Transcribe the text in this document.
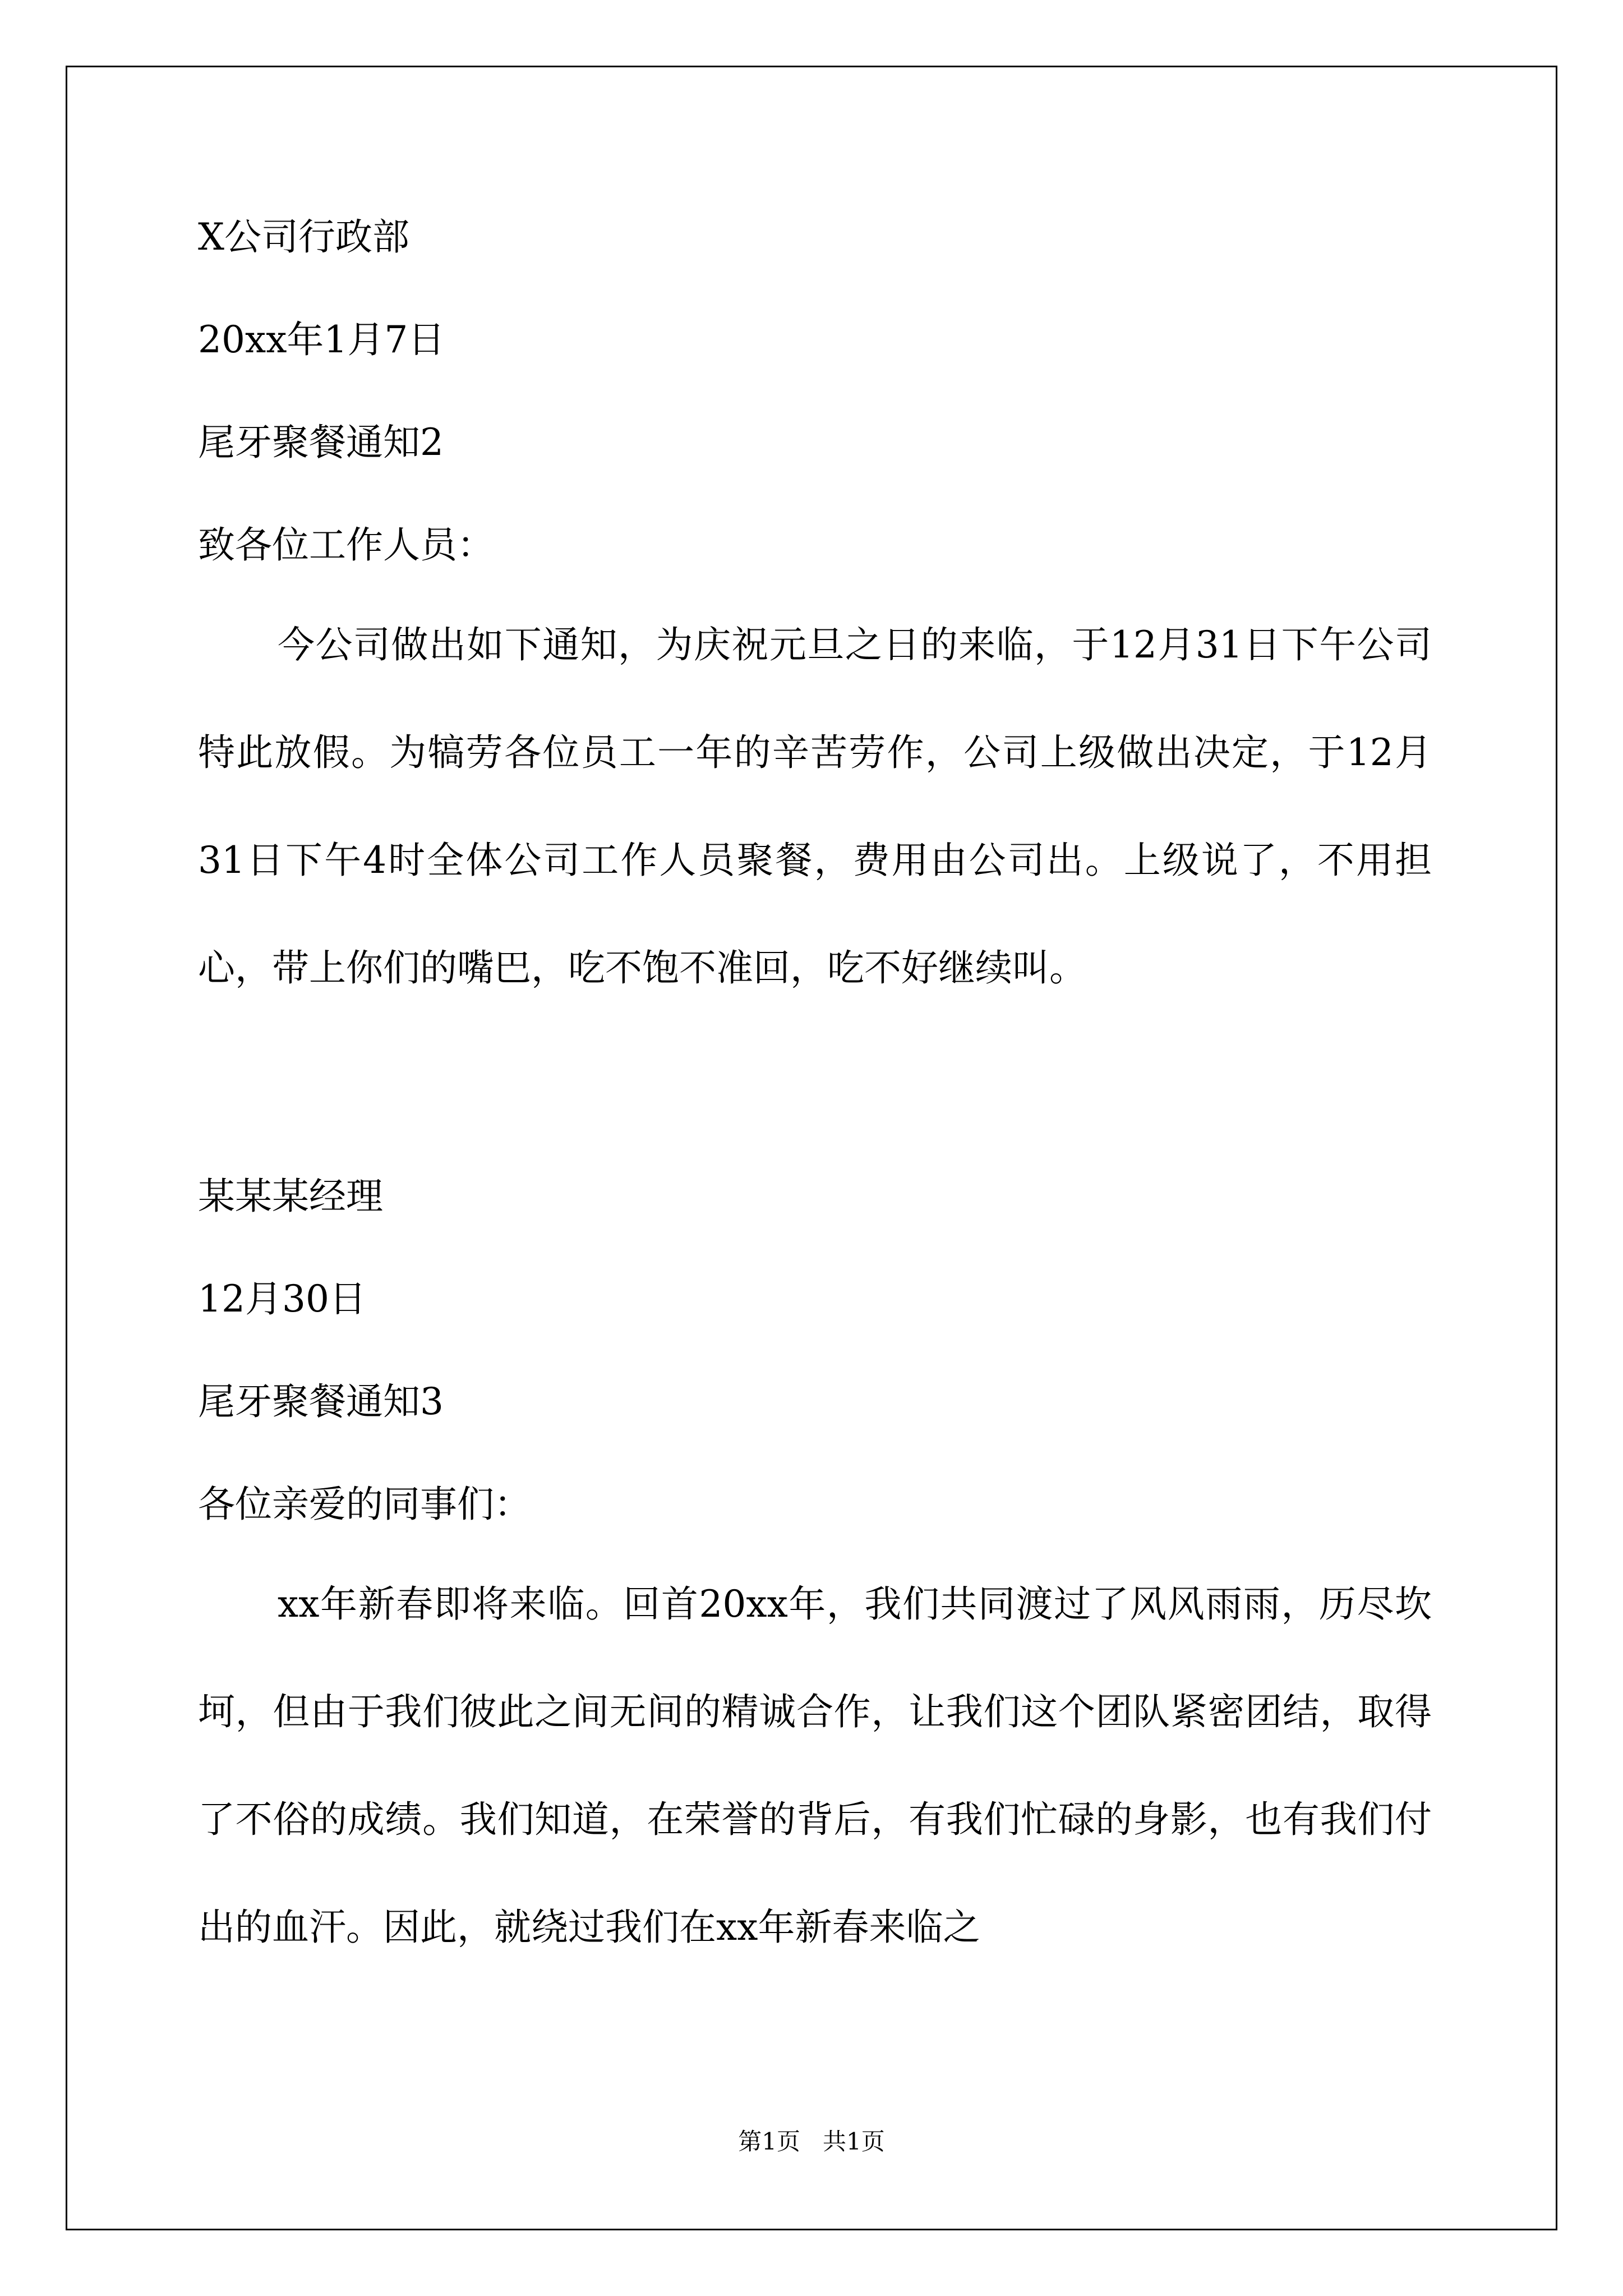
X公司行政部
20xx年1月7日
尾牙聚餐通知2
致各位工作人员：

今公司做出如下通知，为庆祝元旦之日的来临，于12月31日下午公司特此放假。为犒劳各位员工一年的辛苦劳作，公司上级做出决定，于12月31日下午4时全体公司工作人员聚餐，费用由公司出。上级说了，不用担心，带上你们的嘴巴，吃不饱不准回，吃不好继续叫。

某某某经理
12月30日
尾牙聚餐通知3
各位亲爱的同事们：

xx年新春即将来临。回首20xx年，我们共同渡过了风风雨雨，历尽坎坷，但由于我们彼此之间无间的精诚合作，让我们这个团队紧密团结，取得了不俗的成绩。我们知道，在荣誉的背后，有我们忙碌的身影，也有我们付出的血汗。因此，就绕过我们在xx年新春来临之

第1页   共1页
